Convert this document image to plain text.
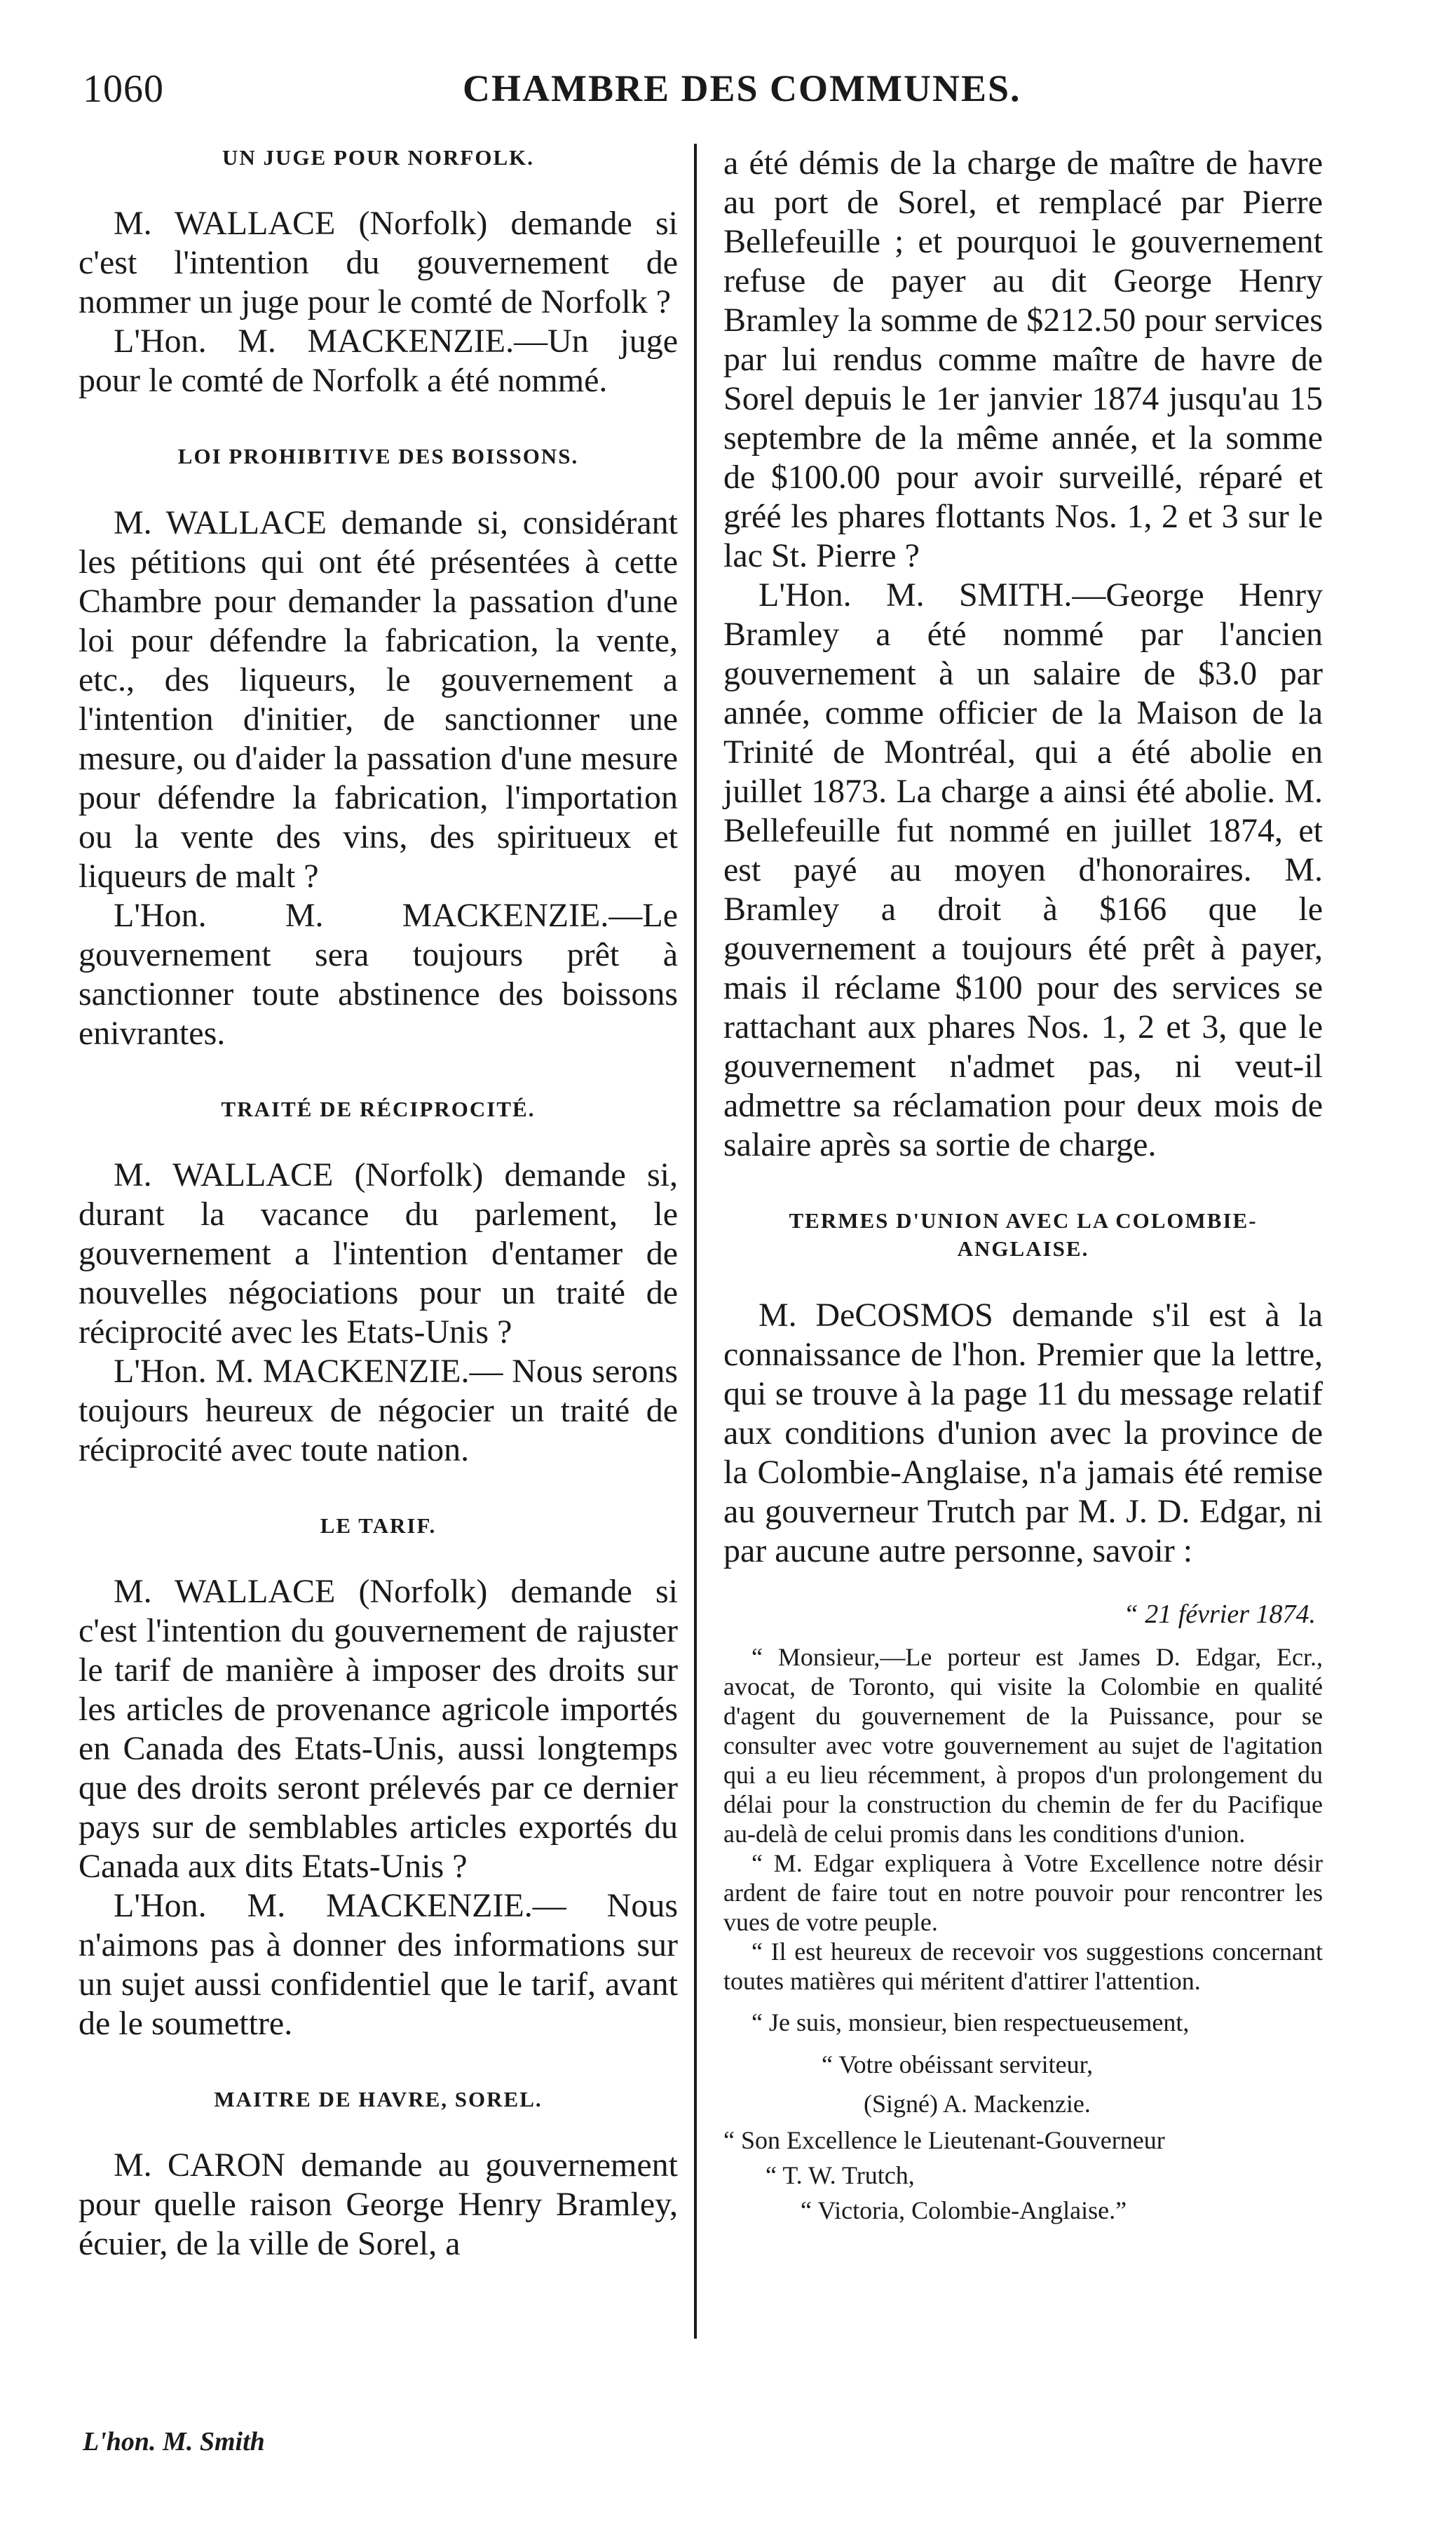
1060	CHAMBRE DES COMMUNES.

UN JUGE POUR NORFOLK.

M. WALLACE (Norfolk) demande si c'est l'intention du gouvernement de nommer un juge pour le comté de Norfolk ?

L'Hon. M. MACKENZIE.—Un juge pour le comté de Norfolk a été nommé.

LOI PROHIBITIVE DES BOISSONS.

M. WALLACE demande si, considérant les pétitions qui ont été présentées à cette Chambre pour demander la passation d'une loi pour défendre la fabrication, la vente, etc., des liqueurs, le gouvernement a l'intention d'initier, de sanctionner une mesure, ou d'aider la passation d'une mesure pour défendre la fabrication, l'importation ou la vente des vins, des spiritueux et liqueurs de malt ?

L'Hon. M. MACKENZIE.—Le gouvernement sera toujours prêt à sanctionner toute abstinence des boissons enivrantes.

TRAITÉ DE RÉCIPROCITÉ.

M. WALLACE (Norfolk) demande si, durant la vacance du parlement, le gouvernement a l'intention d'entamer de nouvelles négociations pour un traité de réciprocité avec les Etats-Unis ?

L'Hon. M. MACKENZIE.— Nous serons toujours heureux de négocier un traité de réciprocité avec toute nation.

LE TARIF.

M. WALLACE (Norfolk) demande si c'est l'intention du gouvernement de rajuster le tarif de manière à imposer des droits sur les articles de provenance agricole importés en Canada des Etats-Unis, aussi longtemps que des droits seront prélevés par ce dernier pays sur de semblables articles exportés du Canada aux dits Etats-Unis ?

L'Hon. M. MACKENZIE.— Nous n'aimons pas à donner des informations sur un sujet aussi confidentiel que le tarif, avant de le soumettre.

MAITRE DE HAVRE, SOREL.

M. CARON demande au gouvernement pour quelle raison George Henry Bramley, écuier, de la ville de Sorel, a

a été démis de la charge de maître de havre au port de Sorel, et remplacé par Pierre Bellefeuille ; et pourquoi le gouvernement refuse de payer au dit George Henry Bramley la somme de $212.50 pour services par lui rendus comme maître de havre de Sorel depuis le 1er janvier 1874 jusqu'au 15 septembre de la même année, et la somme de $100.00 pour avoir surveillé, réparé et gréé les phares flottants Nos. 1, 2 et 3 sur le lac St. Pierre ?

L'Hon. M. SMITH.—George Henry Bramley a été nommé par l'ancien gouvernement à un salaire de $3.0 par année, comme officier de la Maison de la Trinité de Montréal, qui a été abolie en juillet 1873. La charge a ainsi été abolie. M. Bellefeuille fut nommé en juillet 1874, et est payé au moyen d'honoraires. M. Bramley a droit à $166 que le gouvernement a toujours été prêt à payer, mais il réclame $100 pour des services se rattachant aux phares Nos. 1, 2 et 3, que le gouvernement n'admet pas, ni veut-il admettre sa réclamation pour deux mois de salaire après sa sortie de charge.

TERMES D'UNION AVEC LA COLOMBIE-ANGLAISE.

M. DeCOSMOS demande s'il est à la connaissance de l'hon. Premier que la lettre, qui se trouve à la page 11 du message relatif aux conditions d'union avec la province de la Colombie-Anglaise, n'a jamais été remise au gouverneur Trutch par M. J. D. Edgar, ni par aucune autre personne, savoir :

“ 21 février 1874.

“ Monsieur,—Le porteur est James D. Edgar, Ecr., avocat, de Toronto, qui visite la Colombie en qualité d'agent du gouvernement de la Puissance, pour se consulter avec votre gouvernement au sujet de l'agitation qui a eu lieu récemment, à propos d'un prolongement du délai pour la construction du chemin de fer du Pacifique au-delà de celui promis dans les conditions d'union.

“ M. Edgar expliquera à Votre Excellence notre désir ardent de faire tout en notre pouvoir pour rencontrer les vues de votre peuple.

“ Il est heureux de recevoir vos suggestions concernant toutes matières qui méritent d'attirer l'attention.

“ Je suis, monsieur, bien respectueusement,

“ Votre obéissant serviteur,

(Signé) A. Mackenzie.

“ Son Excellence le Lieutenant-Gouverneur

“ T. W. Trutch,

“ Victoria, Colombie-Anglaise.”

L'hon. M. Smith
